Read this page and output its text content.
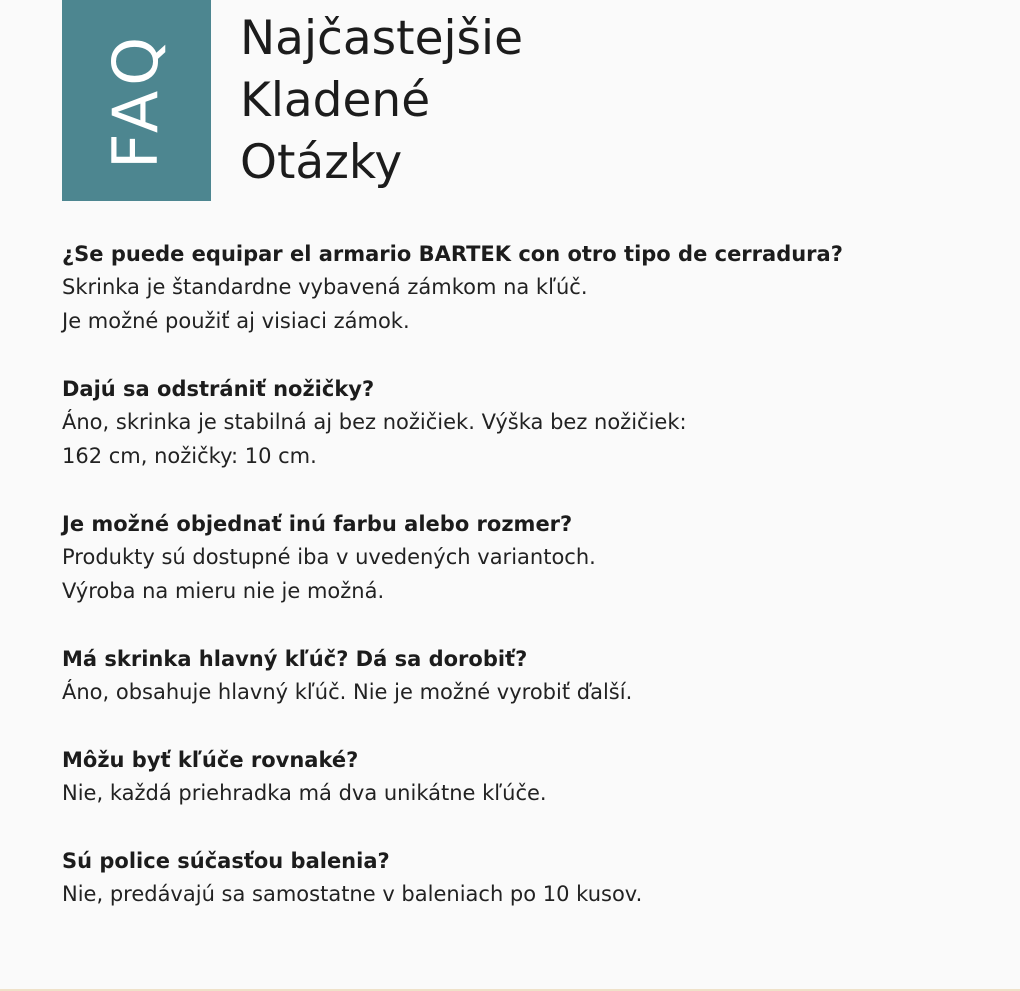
FAQ Najčastejšie
Kladené
Otázky

¿Se puede equipar el armario BARTEK con otro tipo de cerradura?

Skrinka je štandardne vybavená zámkom na kľúč.
Je možné použiť aj visiaci zámok.

Dajú sa odstrániť nožičky?

Áno, skrinka je stabilná aj bez nožičiek. Výška bez nožičiek:
162 cm, nožičky: 10 cm.

Je možné objednať inú farbu alebo rozmer?

Produkty sú dostupné iba v uvedených variantoch.
Výroba na mieru nie je možná.

Má skrinka hlavný kľúč? Dá sa dorobiť?

Áno, obsahuje hlavný kľúč. Nie je možné vyrobiť ďalší.

Môžu byť kľúče rovnaké?

Nie, každá priehradka má dva unikátne kľúče.

Sú police súčasťou balenia?

Nie, predávajú sa samostatne v baleniach po 10 kusov.
